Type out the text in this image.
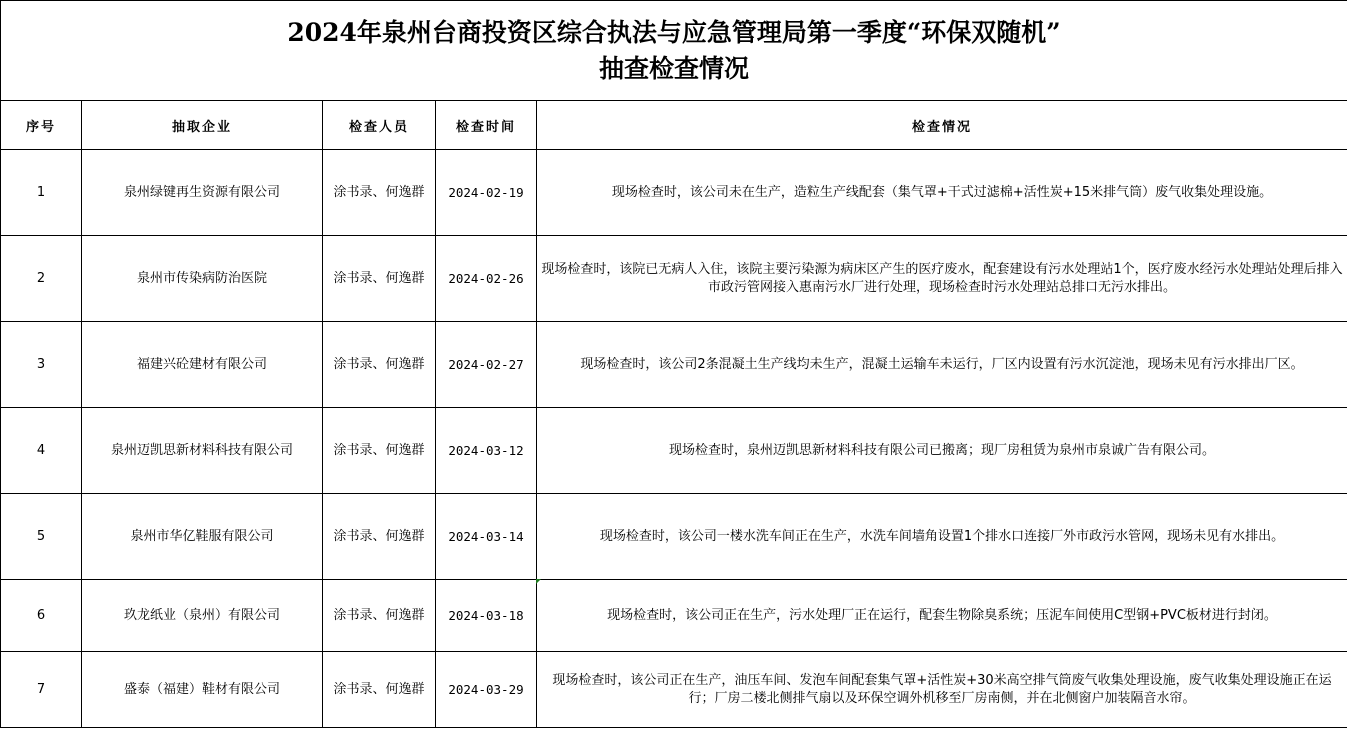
2024年泉州台商投资区综合执法与应急管理局第一季度“环保双随机”
抽查检查情况				

序号	抽取企业	检查人员	检查时间	检查情况
1	泉州绿键再生资源有限公司	涂书录、何逸群	2024-02-19	现场检查时，该公司未在生产，造粒生产线配套（集气罩+干式过滤棉+活性炭+15米排气筒）废气收集处理设施。
2	泉州市传染病防治医院	涂书录、何逸群	2024-02-26	现场检查时，该院已无病人入住，该院主要污染源为病床区产生的医疗废水，配套建设有污水处理站1个，医疗废水经污水处理站处理后排入市政污管网接入惠南污水厂进行处理，现场检查时污水处理站总排口无污水排出。
3	福建兴砼建材有限公司	涂书录、何逸群	2024-02-27	现场检查时，该公司2条混凝土生产线均未生产，混凝土运输车未运行，厂区内设置有污水沉淀池，现场未见有污水排出厂区。
4	泉州迈凯思新材料科技有限公司	涂书录、何逸群	2024-03-12	现场检查时，泉州迈凯思新材料科技有限公司已搬离；现厂房租赁为泉州市泉诚广告有限公司。
5	泉州市华亿鞋服有限公司	涂书录、何逸群	2024-03-14	现场检查时，该公司一楼水洗车间正在生产，水洗车间墙角设置1个排水口连接厂外市政污水管网，现场未见有水排出。
6	玖龙纸业（泉州）有限公司	涂书录、何逸群	2024-03-18	现场检查时，该公司正在生产，污水处理厂正在运行，配套生物除臭系统；压泥车间使用C型钢+PVC板材进行封闭。
7	盛泰（福建）鞋材有限公司	涂书录、何逸群	2024-03-29	现场检查时，该公司正在生产，油压车间、发泡车间配套集气罩+活性炭+30米高空排气筒废气收集处理设施，废气收集处理设施正在运行；厂房二楼北侧排气扇以及环保空调外机移至厂房南侧，并在北侧窗户加装隔音水帘。
